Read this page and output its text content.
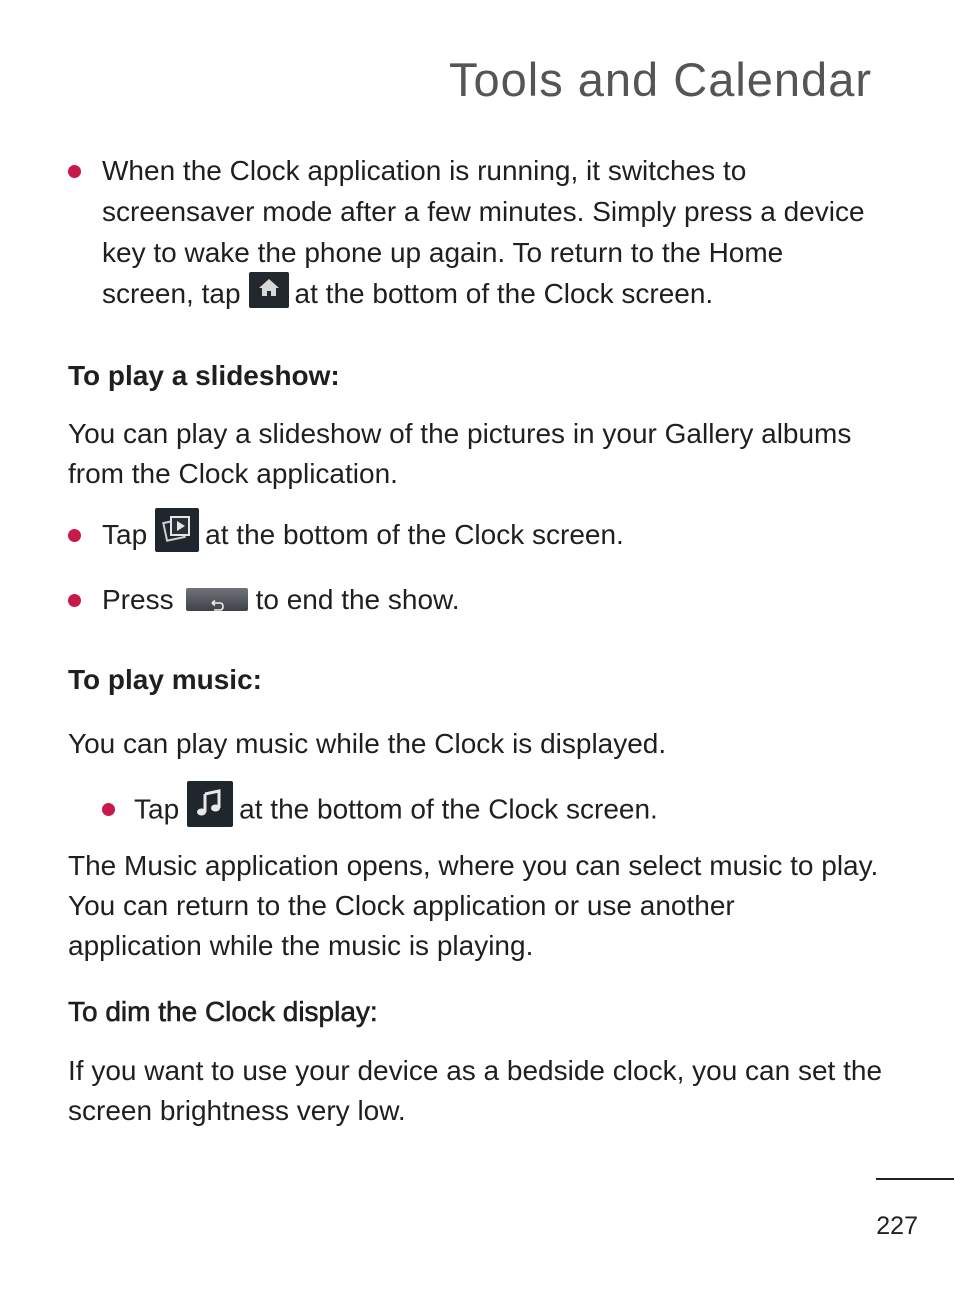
Tools and Calendar

When the Clock application is running, it switches to

screensaver mode after a few minutes. Simply press a device

key to wake the phone up again. To return to the Home

screen, tap at the bottom of the Clock screen.

To play a slideshow:

You can play a slideshow of the pictures in your Gallery albums

from the Clock application.

Tap at the bottom of the Clock screen.

Press	to end the show.

To play music:

You can play music while the Clock is displayed.

Tap at the bottom of the Clock screen.

The Music application opens, where you can select music to play.

You can return to the Clock application or use another

application while the music is playing.

To dim the Clock display:

If you want to use your device as a bedside clock, you can set the

screen brightness very low.

227
